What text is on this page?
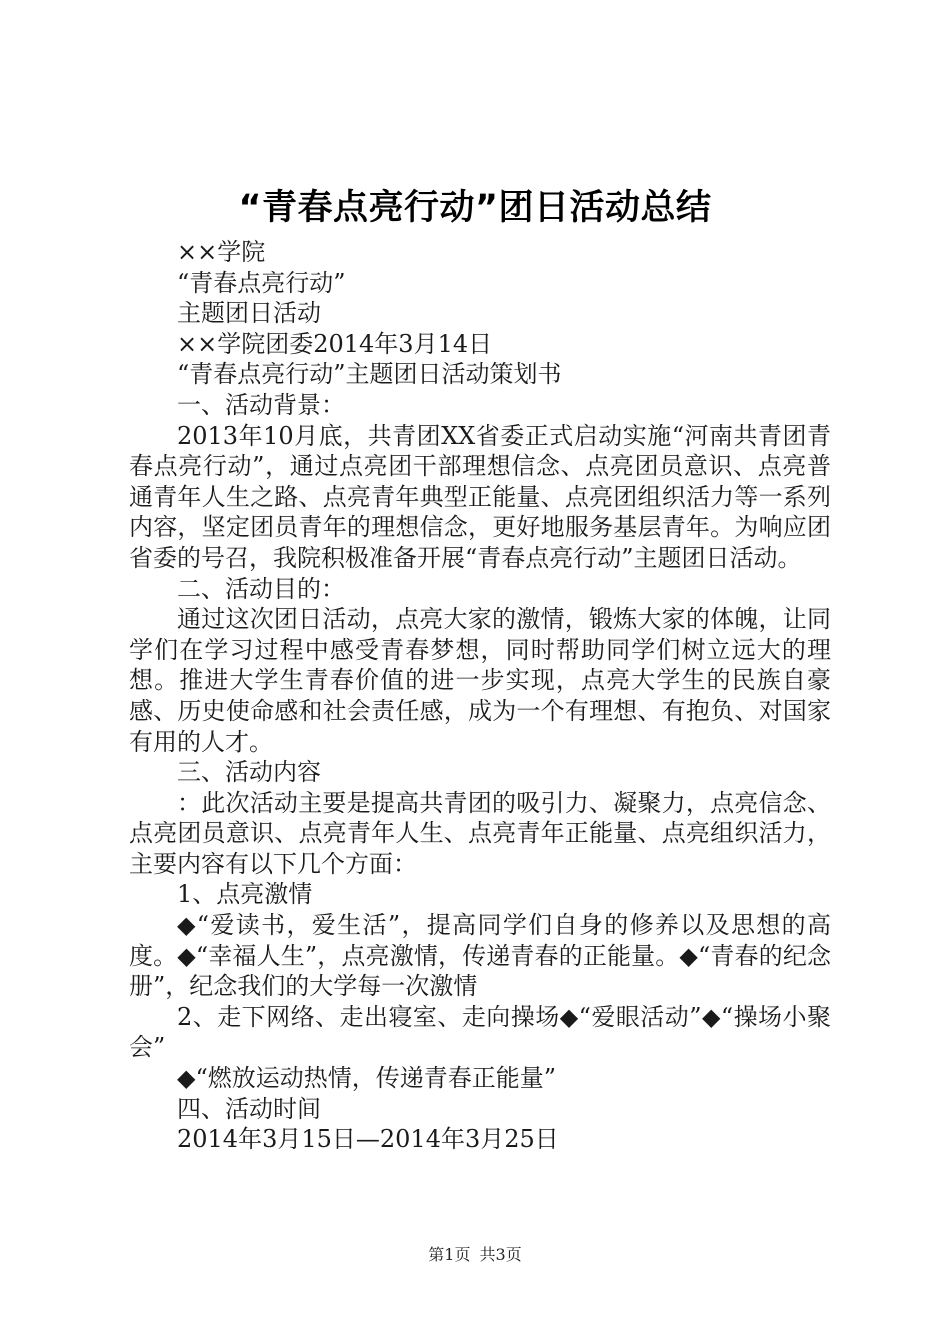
“青春点亮行动”团日活动总结

××学院

“青春点亮行动”

主题团日活动

××学院团委2014年3月14日

“青春点亮行动”主题团日活动策划书

一、活动背景：

2013年10月底，共青团XX省委正式启动实施“河南共青团青春点亮行动”，通过点亮团干部理想信念、点亮团员意识、点亮普通青年人生之路、点亮青年典型正能量、点亮团组织活力等一系列内容，坚定团员青年的理想信念，更好地服务基层青年。为响应团省委的号召，我院积极准备开展“青春点亮行动”主题团日活动。

二、活动目的：

通过这次团日活动，点亮大家的激情，锻炼大家的体魄，让同学们在学习过程中感受青春梦想，同时帮助同学们树立远大的理想。推进大学生青春价值的进一步实现，点亮大学生的民族自豪感、历史使命感和社会责任感，成为一个有理想、有抱负、对国家有用的人才。

三、活动内容

：此次活动主要是提高共青团的吸引力、凝聚力，点亮信念、点亮团员意识、点亮青年人生、点亮青年正能量、点亮组织活力，主要内容有以下几个方面：

1、点亮激情

◆“爱读书，爱生活”，提高同学们自身的修养以及思想的高度。◆“幸福人生”，点亮激情，传递青春的正能量。◆“青春的纪念册”，纪念我们的大学每一次激情

2、走下网络、走出寝室、走向操场◆“爱眼活动”◆“操场小聚会”

◆“燃放运动热情，传递青春正能量”

四、活动时间

2014年3月15日—2014年3月25日

第1页 共3页
